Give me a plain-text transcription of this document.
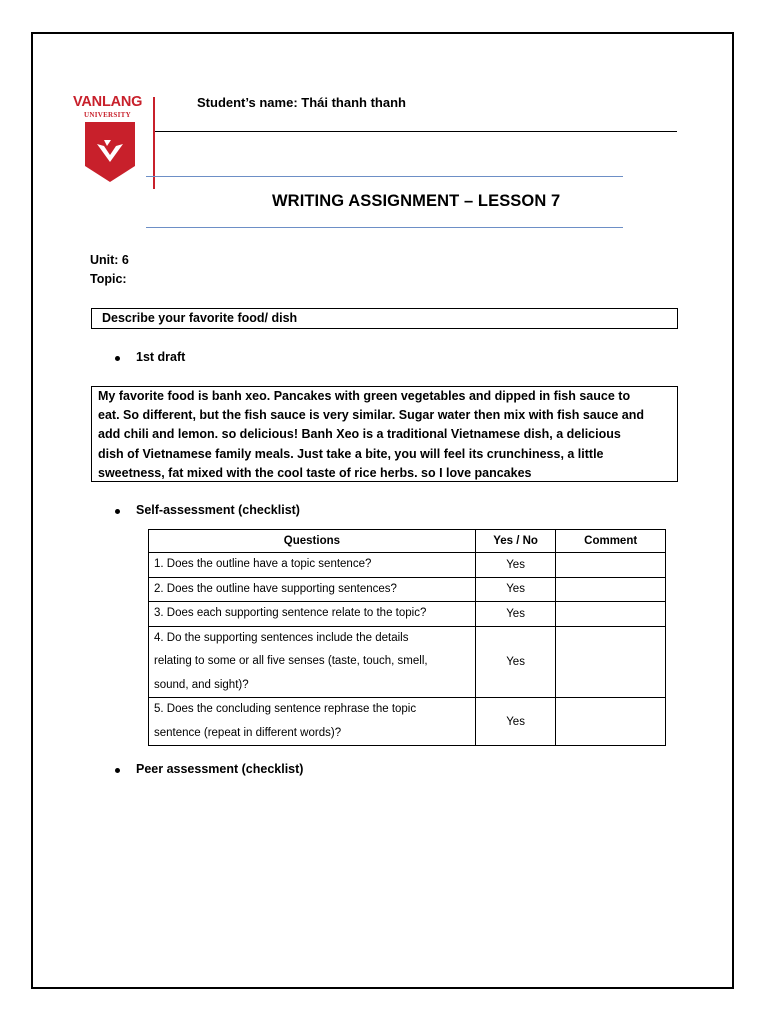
VANLANG
UNIVERSITY
Student’s name: Thái thanh thanh
WRITING ASSIGNMENT – LESSON 7
Unit: 6
Topic:
Describe your favorite food/ dish
1st draft
My favorite food is banh xeo. Pancakes with green vegetables and dipped in fish sauce to
eat. So different, but the fish sauce is very similar. Sugar water then mix with fish sauce and
add chili and lemon. so delicious! Banh Xeo is a traditional Vietnamese dish, a delicious
dish of Vietnamese family meals. Just take a bite, you will feel its crunchiness, a little
sweetness, fat mixed with the cool taste of rice herbs. so I love pancakes
Self-assessment (checklist)
Questions	Yes / No	Comment

1. Does the outline have a topic sentence?	Yes	

2. Does the outline have supporting sentences?	Yes	

3. Does each supporting sentence relate to the topic?	Yes	

4. Do the supporting sentences include the details
relating to some or all five senses (taste, touch, smell,
sound, and sight)?	Yes	

5. Does the concluding sentence rephrase the topic
sentence (repeat in different words)?	Yes	
Peer assessment (checklist)
